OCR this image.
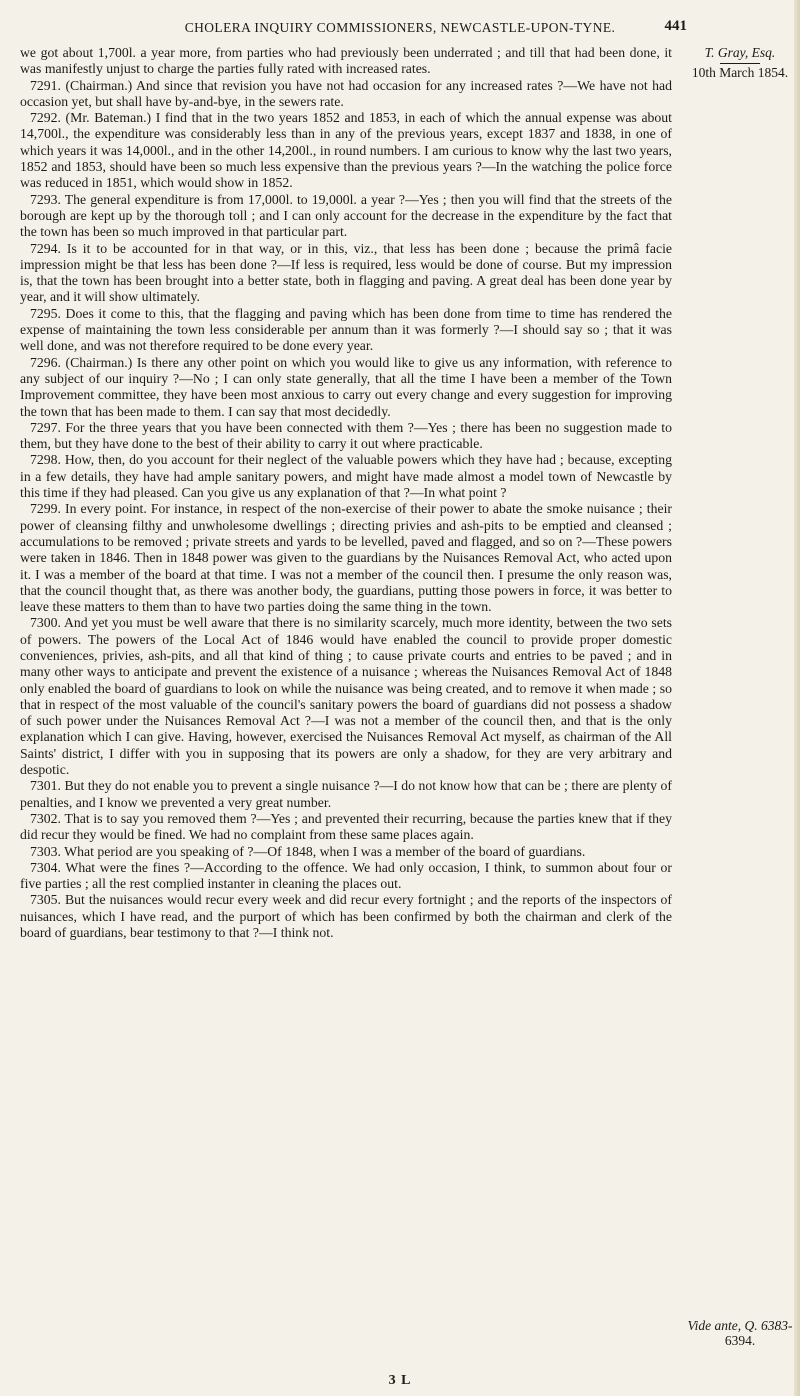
CHOLERA INQUIRY COMMISSIONERS, NEWCASTLE-UPON-TYNE.	441
T. Gray, Esq.
10th March 1854.

we got about 1,700l. a year more, from parties who had previously been underrated ; and till that had been done, it was manifestly unjust to charge the parties fully rated with increased rates.

7291. (Chairman.) And since that revision you have not had occasion for any increased rates ?—We have not had occasion yet, but shall have by-and-bye, in the sewers rate.

7292. (Mr. Bateman.) I find that in the two years 1852 and 1853, in each of which the annual expense was about 14,700l., the expenditure was considerably less than in any of the previous years, except 1837 and 1838, in one of which years it was 14,000l., and in the other 14,200l., in round numbers. I am curious to know why the last two years, 1852 and 1853, should have been so much less expensive than the previous years ?—In the watching the police force was reduced in 1851, which would show in 1852.

7293. The general expenditure is from 17,000l. to 19,000l. a year ?—Yes ; then you will find that the streets of the borough are kept up by the thorough toll ; and I can only account for the decrease in the expenditure by the fact that the town has been so much improved in that particular part.

7294. Is it to be accounted for in that way, or in this, viz., that less has been done ; because the primâ facie impression might be that less has been done ?—If less is required, less would be done of course. But my impression is, that the town has been brought into a better state, both in flagging and paving. A great deal has been done year by year, and it will show ultimately.

7295. Does it come to this, that the flagging and paving which has been done from time to time has rendered the expense of maintaining the town less considerable per annum than it was formerly ?—I should say so ; that it was well done, and was not therefore required to be done every year.

7296. (Chairman.) Is there any other point on which you would like to give us any information, with reference to any subject of our inquiry ?—No ; I can only state generally, that all the time I have been a member of the Town Improvement committee, they have been most anxious to carry out every change and every suggestion for improving the town that has been made to them. I can say that most decidedly.

7297. For the three years that you have been connected with them ?—Yes ; there has been no suggestion made to them, but they have done to the best of their ability to carry it out where practicable.

7298. How, then, do you account for their neglect of the valuable powers which they have had ; because, excepting in a few details, they have had ample sanitary powers, and might have made almost a model town of Newcastle by this time if they had pleased. Can you give us any explanation of that ?—In what point ?

7299. In every point. For instance, in respect of the non-exercise of their power to abate the smoke nuisance ; their power of cleansing filthy and unwholesome dwellings ; directing privies and ash-pits to be emptied and cleansed ; accumulations to be removed ; private streets and yards to be levelled, paved and flagged, and so on ?—These powers were taken in 1846. Then in 1848 power was given to the guardians by the Nuisances Removal Act, who acted upon it. I was a member of the board at that time. I was not a member of the council then. I presume the only reason was, that the council thought that, as there was another body, the guardians, putting those powers in force, it was better to leave these matters to them than to have two parties doing the same thing in the town.

7300. And yet you must be well aware that there is no similarity scarcely, much more identity, between the two sets of powers. The powers of the Local Act of 1846 would have enabled the council to provide proper domestic conveniences, privies, ash-pits, and all that kind of thing ; to cause private courts and entries to be paved ; and in many other ways to anticipate and prevent the existence of a nuisance ; whereas the Nuisances Removal Act of 1848 only enabled the board of guardians to look on while the nuisance was being created, and to remove it when made ; so that in respect of the most valuable of the council's sanitary powers the board of guardians did not possess a shadow of such power under the Nuisances Removal Act ?—I was not a member of the council then, and that is the only explanation which I can give. Having, however, exercised the Nuisances Removal Act myself, as chairman of the All Saints' district, I differ with you in supposing that its powers are only a shadow, for they are very arbitrary and despotic.

7301. But they do not enable you to prevent a single nuisance ?—I do not know how that can be ; there are plenty of penalties, and I know we prevented a very great number.

7302. That is to say you removed them ?—Yes ; and prevented their recurring, because the parties knew that if they did recur they would be fined. We had no complaint from these same places again.

7303. What period are you speaking of ?—Of 1848, when I was a member of the board of guardians.

7304. What were the fines ?—According to the offence. We had only occasion, I think, to summon about four or five parties ; all the rest complied instanter in cleaning the places out.

7305. But the nuisances would recur every week and did recur every fortnight ; and the reports of the inspectors of nuisances, which I have read, and the purport of which has been confirmed by both the chairman and clerk of the board of guardians, bear testimony to that ?—I think not.

Vide ante, Q. 6383-
6394.
3 L
